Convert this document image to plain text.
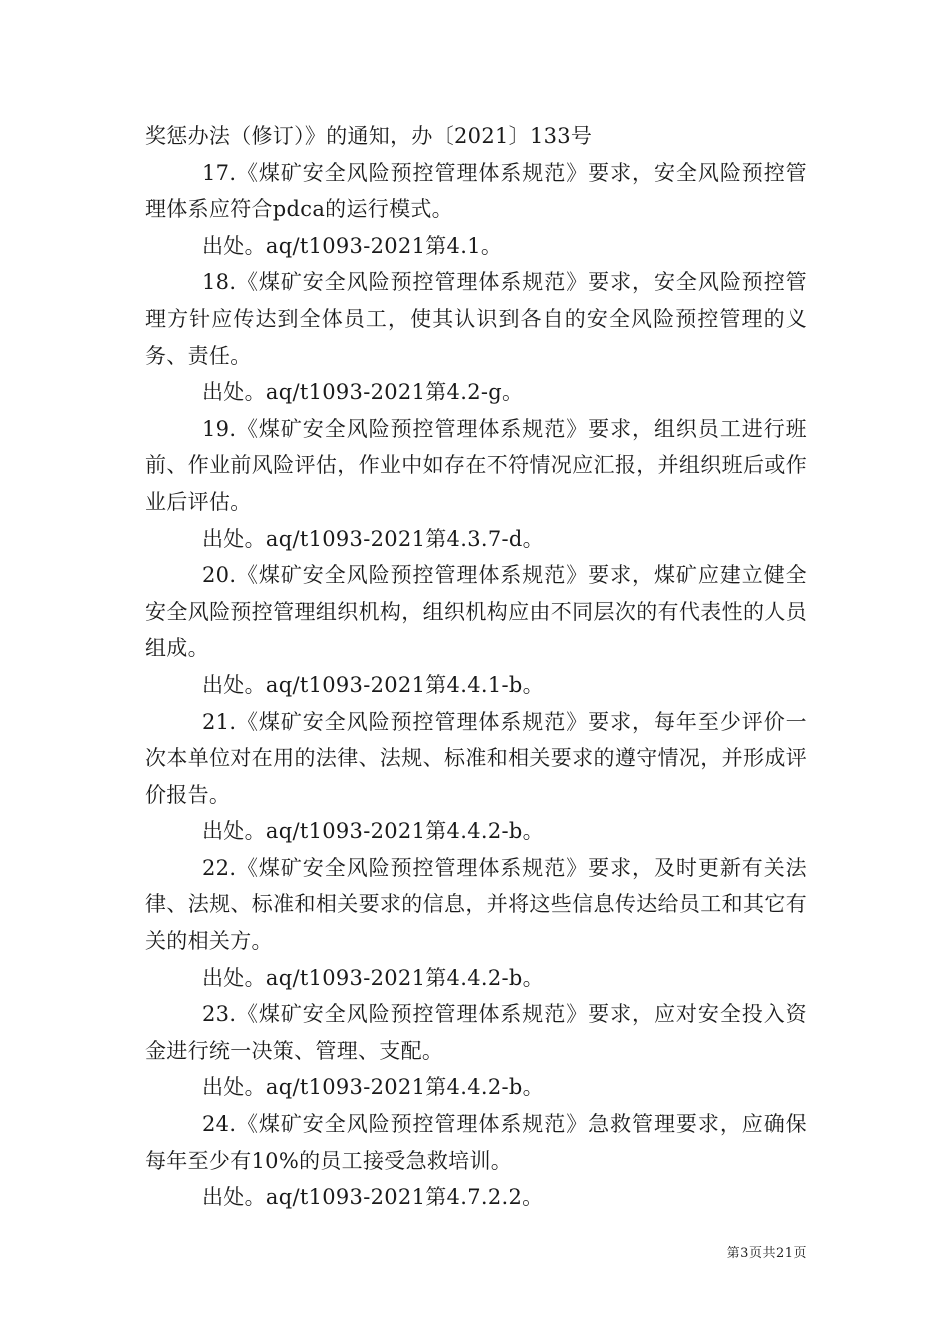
奖惩办法（修订）》的通知，办〔2021〕133号

17.《煤矿安全风险预控管理体系规范》要求，安全风险预控管理体系应符合pdca的运行模式。

出处。aq/t1093-2021第4.1。

18.《煤矿安全风险预控管理体系规范》要求，安全风险预控管理方针应传达到全体员工，使其认识到各自的安全风险预控管理的义务、责任。

出处。aq/t1093-2021第4.2-g。

19.《煤矿安全风险预控管理体系规范》要求，组织员工进行班前、作业前风险评估，作业中如存在不符情况应汇报，并组织班后或作业后评估。

出处。aq/t1093-2021第4.3.7-d。

20.《煤矿安全风险预控管理体系规范》要求，煤矿应建立健全安全风险预控管理组织机构，组织机构应由不同层次的有代表性的人员组成。

出处。aq/t1093-2021第4.4.1-b。

21.《煤矿安全风险预控管理体系规范》要求，每年至少评价一次本单位对在用的法律、法规、标准和相关要求的遵守情况，并形成评价报告。

出处。aq/t1093-2021第4.4.2-b。

22.《煤矿安全风险预控管理体系规范》要求，及时更新有关法律、法规、标准和相关要求的信息，并将这些信息传达给员工和其它有关的相关方。

出处。aq/t1093-2021第4.4.2-b。

23.《煤矿安全风险预控管理体系规范》要求，应对安全投入资金进行统一决策、管理、支配。

出处。aq/t1093-2021第4.4.2-b。

24.《煤矿安全风险预控管理体系规范》急救管理要求，应确保每年至少有10%的员工接受急救培训。

出处。aq/t1093-2021第4.7.2.2。

第3页共21页
